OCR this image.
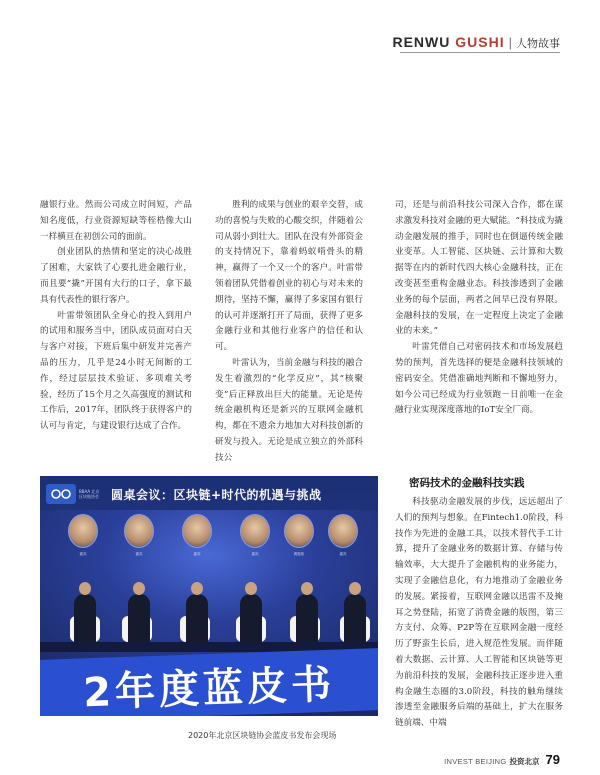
RENWU GUSHI | 人物故事

融银行业。然而公司成立时间短，产品知名度低，行业资源短缺等桎梏像大山一样横亘在初创公司的面前。

创业团队的热情和坚定的决心战胜了困难，大家铁了心要扎进金融行业，而且要“撬”开国有大行的口子，拿下最具有代表性的银行客户。

叶雷带领团队全身心的投入到用户的试用和服务当中，团队成员面对白天与客户对接，下班后集中研发并完善产品的压力，几乎是24小时无间断的工作，经过层层技术验证、多项难关考验，经历了15个月之久高强度的测试和工作后，2017年，团队终于获得客户的认可与肯定，与建设银行达成了合作。

胜利的成果与创业的艰辛交替，成功的喜悦与失败的心酸交织，伴随着公司从弱小到壮大。团队在没有外部资金的支持情况下，靠着蚂蚁啃骨头的精神，赢得了一个又一个的客户。叶雷带领着团队凭借着创业的初心与对未来的期待，坚持不懈，赢得了多家国有银行的认可并逐渐打开了局面，获得了更多金融行业和其他行业客户的信任和认可。

叶雷认为，当前金融与科技的融合发生着激烈的“化学反应”，其“核聚变”后正释放出巨大的能量。无论是传统金融机构还是新兴的互联网金融机构，都在不遗余力地加大对科技创新的研发与投入。无论是成立独立的外部科技公

司，还是与前沿科技公司深入合作，都在谋求激发科技对金融的更大赋能。“科技成为撬动金融发展的推手，同时也在倒逼传统金融业变革。人工智能、区块链、云计算和大数据等在内的新时代四大核心金融科技，正在改变甚至重构金融业态。科技渗透到了金融业务的每个层面，两者之间早已没有界限。金融科技的发展，在一定程度上决定了金融业的未来。”

叶雷凭借自己对密码技术和市场发展趋势的预判，首先选择的便是金融科技领域的密码安全。凭借准确地判断和不懈地努力，如今公司已经成为行业领跑－日前唯一在金融行业实现深度落地的IoT安全厂商。

密码技术的金融科技实践

科技驱动金融发展的步伐，远远超出了人们的预判与想象。在Fintech1.0阶段，科技作为先进的金融工具，以技术替代手工计算，提升了金融业务的数据计算、存储与传输效率，大大提升了金融机构的业务能力，实现了金融信息化，有力地推动了金融业务的发展。紧接着，互联网金融以迅雷不及掩耳之势登陆，拓宽了消费金融的版图，第三方支付、众筹、P2P等在互联网金融一度经历了野蛮生长后，进入规范性发展。而伴随着大数据、云计算、人工智能和区块链等更为前沿科技的发展，金融科技正逐步进入重构金融生态圈的3.0阶段，科技的触角继续渗透至金融服务后端的基础上，扩大在服务链前端、中端

BBAA 北京区块链协会	圆桌会议：区块链+时代的机遇与挑战
嘉宾	嘉宾	嘉宾	嘉宾	黄振伟	嘉宾
2年度蓝皮书
2020年北京区块链协会蓝皮书发布会现场
INVEST BEIJING 投资北京 79
